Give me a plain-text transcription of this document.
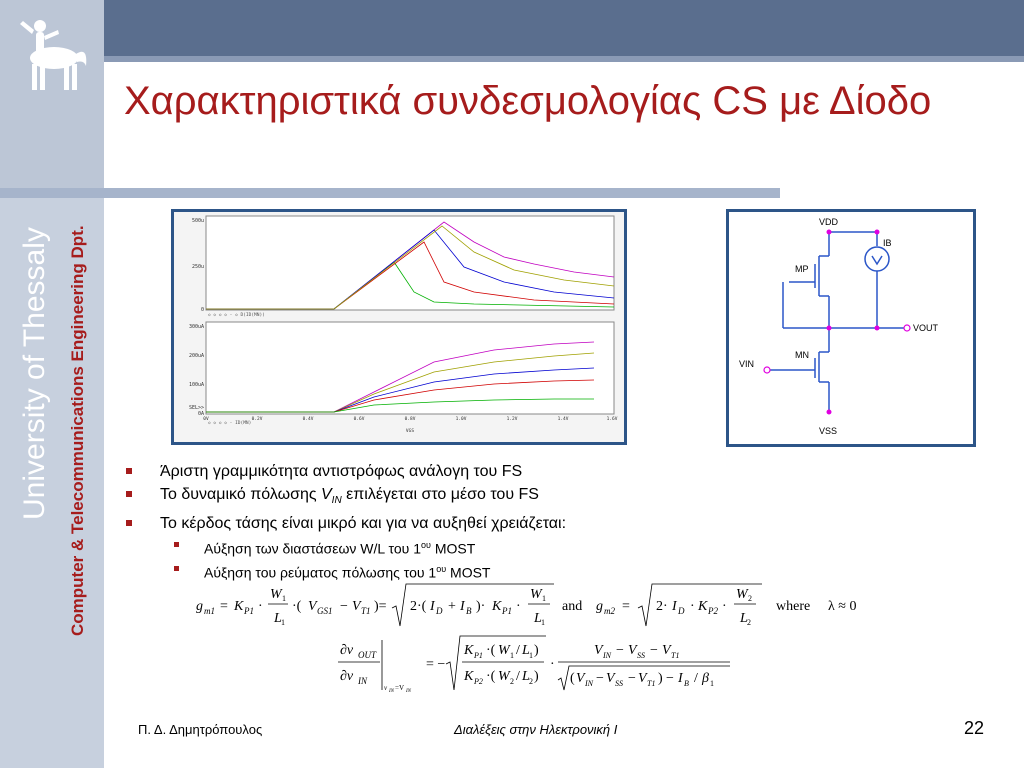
Χαρακτηριστικά συνδεσμολογίας CS με Δίοδο
University of Thessaly Computer & Telecommunications Engineering Dpt.
500u
250u
0
◇ ◇ ◇ ◇ - ◇ D(ID(MN))
300uA
200uA
100uA
SEL>>
0A
◇ ◇ ◇ ◇ - ID(MN)
0V	0.2V	0.4V	0.6V	0.8V	1.0V	1.2V	1.4V	1.6V
VGS
VDD
IB
MP
VOUT
MN
VIN
VSS
Άριστη γραμμικότητα αντιστρόφως ανάλογη του FS
Το δυναμικό πόλωσης $V_{IN}$ επιλέγεται στο μέσο του FS
Το κέρδος τάσης είναι μικρό και για να αυξηθεί χρειάζεται:
Αύξηση των διαστάσεων W/L του $1^{o\upsilon}$ MOST
Αύξηση του ρεύματος πόλωσης του $1^{o\upsilon}$ MOST
g m1 = K P1 ·
W 1
L 1
·( V GS1 − V T1 )= 2·( I D + I B )· K P1 ·
W 1
L 1
and g m2 = 2· I D · K P2 ·
W 2
L 2
where λ ≈ 0
∂v OUT
∂v IN
v IN =V IN
= −
K P1 ·( W 1 / L 1 )
K P2 ·( W 2 / L 2 )
·
V IN − V SS − V T1
( V IN − V SS − V T1 ) − I B / β 1
Π. Δ. Δημητρόπουλος	Διαλέξεις στην Ηλεκτρονική Ι	22
